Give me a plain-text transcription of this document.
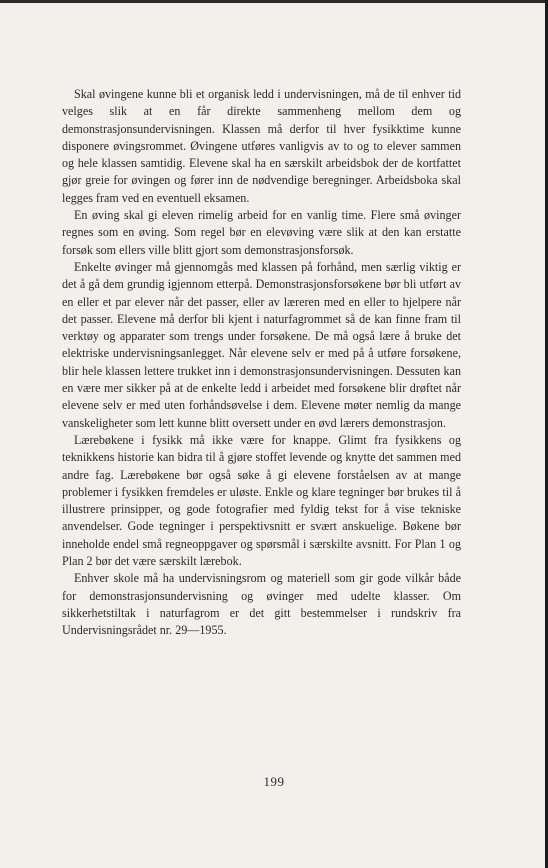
Skal øvingene kunne bli et organisk ledd i undervisningen, må de til enhver tid velges slik at en får direkte sammenheng mellom dem og demonstrasjonsundervisningen. Klassen må derfor til hver fysikktime kunne disponere øvingsrommet. Øvingene utføres vanligvis av to og to elever sammen og hele klassen samtidig. Elevene skal ha en særskilt arbeidsbok der de kortfattet gjør greie for øvingen og fører inn de nødvendige beregninger. Arbeidsboka skal legges fram ved en eventuell eksamen.

En øving skal gi eleven rimelig arbeid for en vanlig time. Flere små øvinger regnes som en øving. Som regel bør en elevøving være slik at den kan erstatte forsøk som ellers ville blitt gjort som demonstrasjonsforsøk.

Enkelte øvinger må gjennomgås med klassen på forhånd, men særlig viktig er det å gå dem grundig igjennom etterpå. Demonstrasjonsforsøkene bør bli utført av en eller et par elever når det passer, eller av læreren med en eller to hjelpere når det passer. Elevene må derfor bli kjent i naturfagrommet så de kan finne fram til verktøy og apparater som trengs under forsøkene. De må også lære å bruke det elektriske undervisningsanlegget. Når elevene selv er med på å utføre forsøkene, blir hele klassen lettere trukket inn i demonstrasjonsundervisningen. Dessuten kan en være mer sikker på at de enkelte ledd i arbeidet med forsøkene blir drøftet når elevene selv er med uten forhåndsøvelse i dem. Elevene møter nemlig da mange vanskeligheter som lett kunne blitt oversett under en øvd lærers demonstrasjon.

Lærebøkene i fysikk må ikke være for knappe. Glimt fra fysikkens og teknikkens historie kan bidra til å gjøre stoffet levende og knytte det sammen med andre fag. Lærebøkene bør også søke å gi elevene forståelsen av at mange problemer i fysikken fremdeles er uløste. Enkle og klare tegninger bør brukes til å illustrere prinsipper, og gode fotografier med fyldig tekst for å vise tekniske anvendelser. Gode tegninger i perspektivsnitt er svært anskuelige. Bøkene bør inneholde endel små regneoppgaver og spørsmål i særskilte avsnitt. For Plan 1 og Plan 2 bør det være særskilt lærebok.

Enhver skole må ha undervisningsrom og materiell som gir gode vilkår både for demonstrasjonsundervisning og øvinger med udelte klasser. Om sikkerhetstiltak i naturfagrom er det gitt bestemmelser i rundskriv fra Undervisningsrådet nr. 29—1955.

199
